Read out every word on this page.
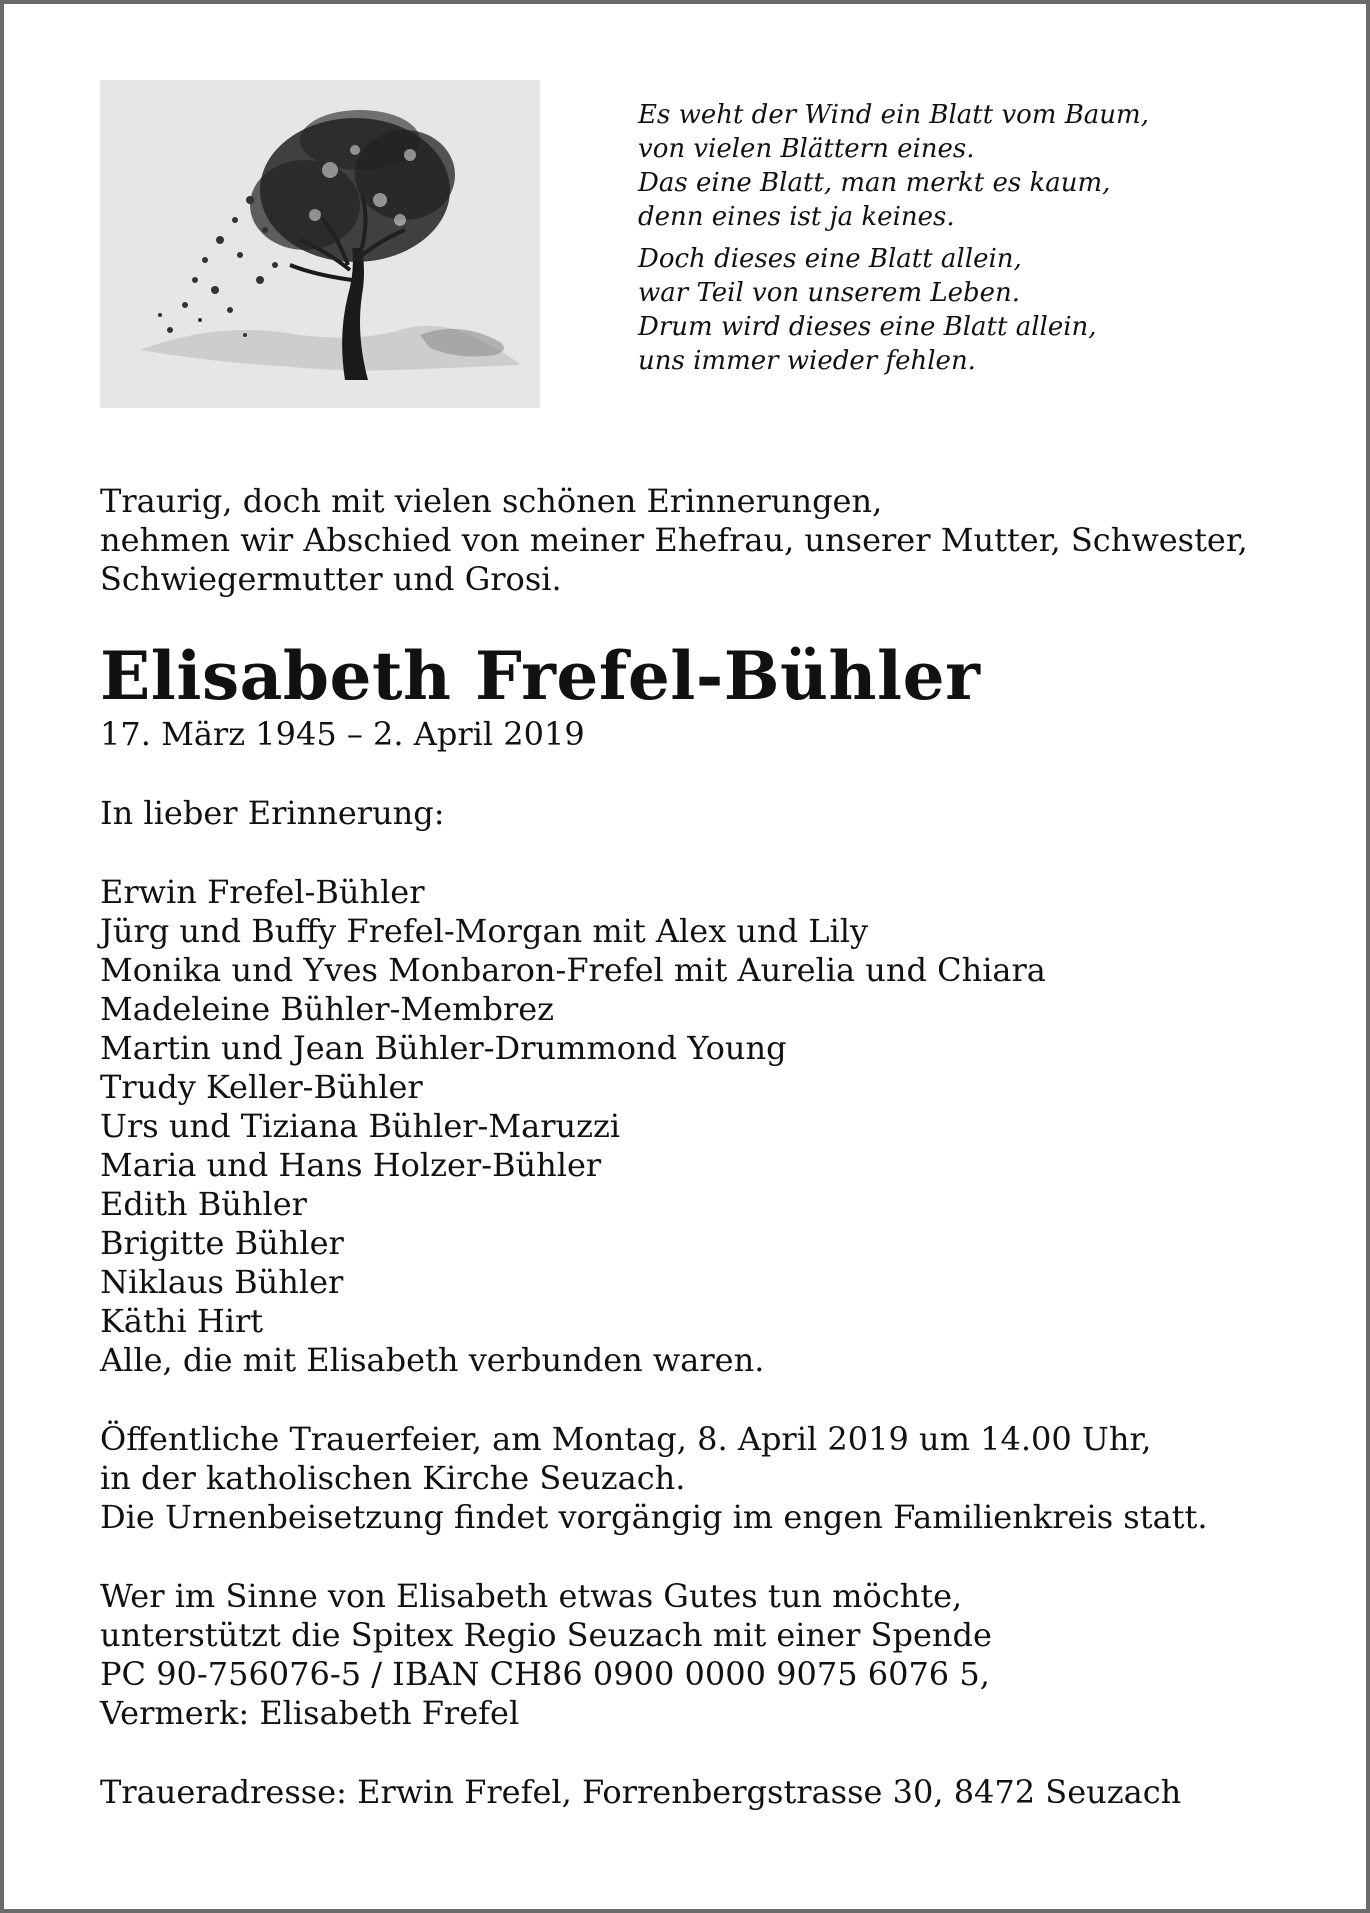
Es weht der Wind ein Blatt vom Baum,
von vielen Blättern eines.
Das eine Blatt, man merkt es kaum,
denn eines ist ja keines.
Doch dieses eine Blatt allein,
war Teil von unserem Leben.
Drum wird dieses eine Blatt allein,
uns immer wieder fehlen.
Traurig, doch mit vielen schönen Erinnerungen,
nehmen wir Abschied von meiner Ehefrau, unserer Mutter, Schwester,
Schwiegermutter und Grosi.
Elisabeth Frefel-Bühler
17. März 1945 – 2. April 2019
In lieber Erinnerung:
Erwin Frefel-Bühler
Jürg und Buffy Frefel-Morgan mit Alex und Lily
Monika und Yves Monbaron-Frefel mit Aurelia und Chiara
Madeleine Bühler-Membrez
Martin und Jean Bühler-Drummond Young
Trudy Keller-Bühler
Urs und Tiziana Bühler-Maruzzi
Maria und Hans Holzer-Bühler
Edith Bühler
Brigitte Bühler
Niklaus Bühler
Käthi Hirt
Alle, die mit Elisabeth verbunden waren.
Öffentliche Trauerfeier, am Montag, 8. April 2019 um 14.00 Uhr,
in der katholischen Kirche Seuzach.
Die Urnenbeisetzung findet vorgängig im engen Familienkreis statt.
Wer im Sinne von Elisabeth etwas Gutes tun möchte,
unterstützt die Spitex Regio Seuzach mit einer Spende
PC 90-756076-5 / IBAN CH86 0900 0000 9075 6076 5,
Vermerk: Elisabeth Frefel
Traueradresse: Erwin Frefel, Forrenbergstrasse 30, 8472 Seuzach
